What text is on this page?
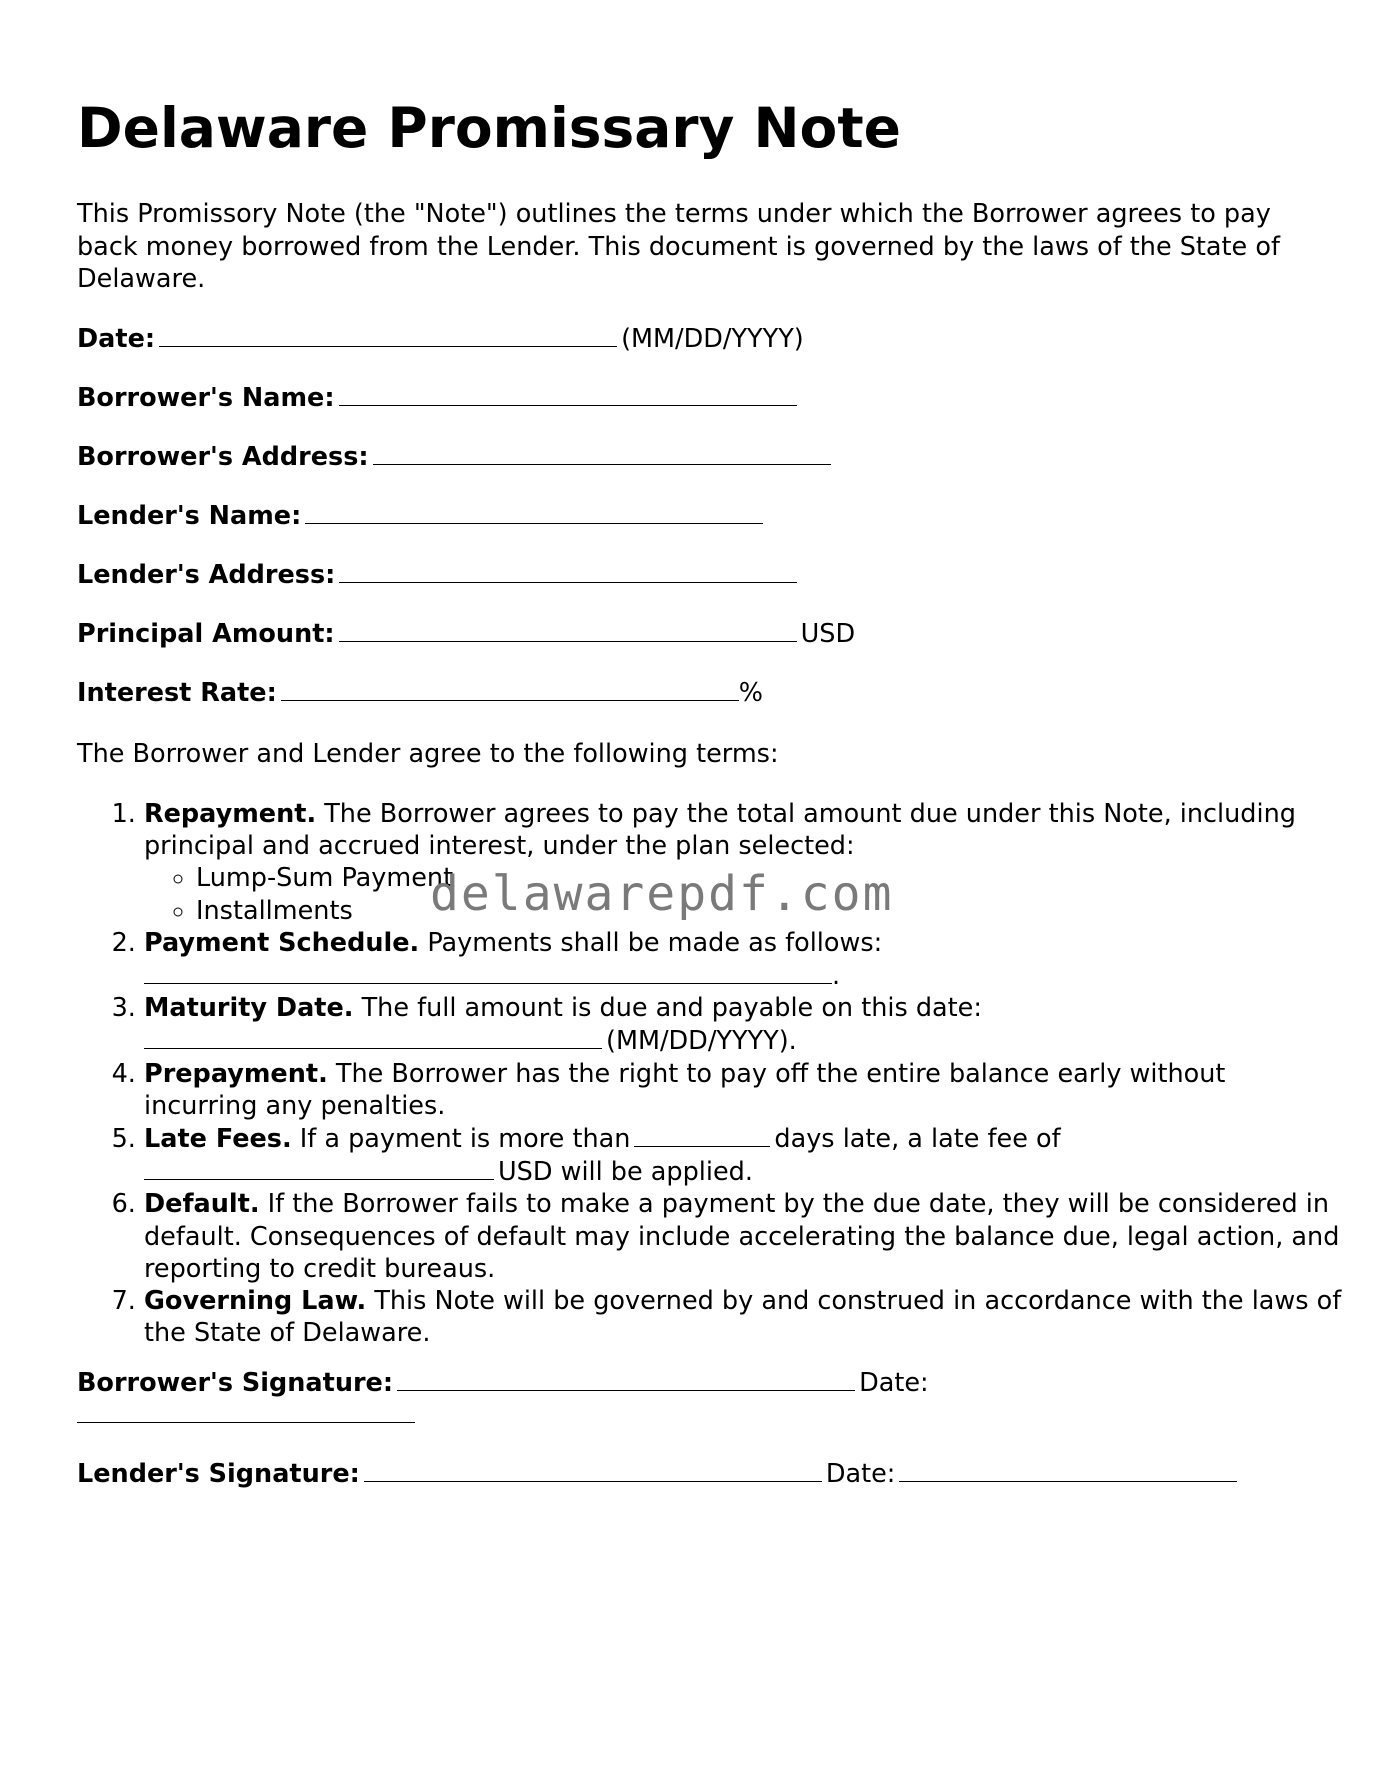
Delaware Promissary Note

This Promissory Note (the "Note") outlines the terms under which the Borrower agrees to pay back money borrowed from the Lender. This document is governed by the laws of the State of Delaware.

Date:	(MM/DD/YYYY)
Borrower's Name:
Borrower's Address:
Lender's Name:
Lender's Address:
Principal Amount:	USD
Interest Rate:	%
The Borrower and Lender agree to the following terms:
1. Repayment. The Borrower agrees to pay the total amount due under this Note, including principal and accrued interest, under the plan selected:
◦ Lump-Sum Payment
◦ Installments
2. Payment Schedule. Payments shall be made as follows:
.
3. Maturity Date. The full amount is due and payable on this date:
(MM/DD/YYYY).
4. Prepayment. The Borrower has the right to pay off the entire balance early without incurring any penalties.
5. Late Fees. If a payment is more than	days late, a late fee of
USD will be applied.
6. Default. If the Borrower fails to make a payment by the due date, they will be considered in default. Consequences of default may include accelerating the balance due, legal action, and reporting to credit bureaus.
7. Governing Law. This Note will be governed by and construed in accordance with the laws of the State of Delaware.
Borrower's Signature:	Date:
Lender's Signature:	Date:
delawarepdf.com
